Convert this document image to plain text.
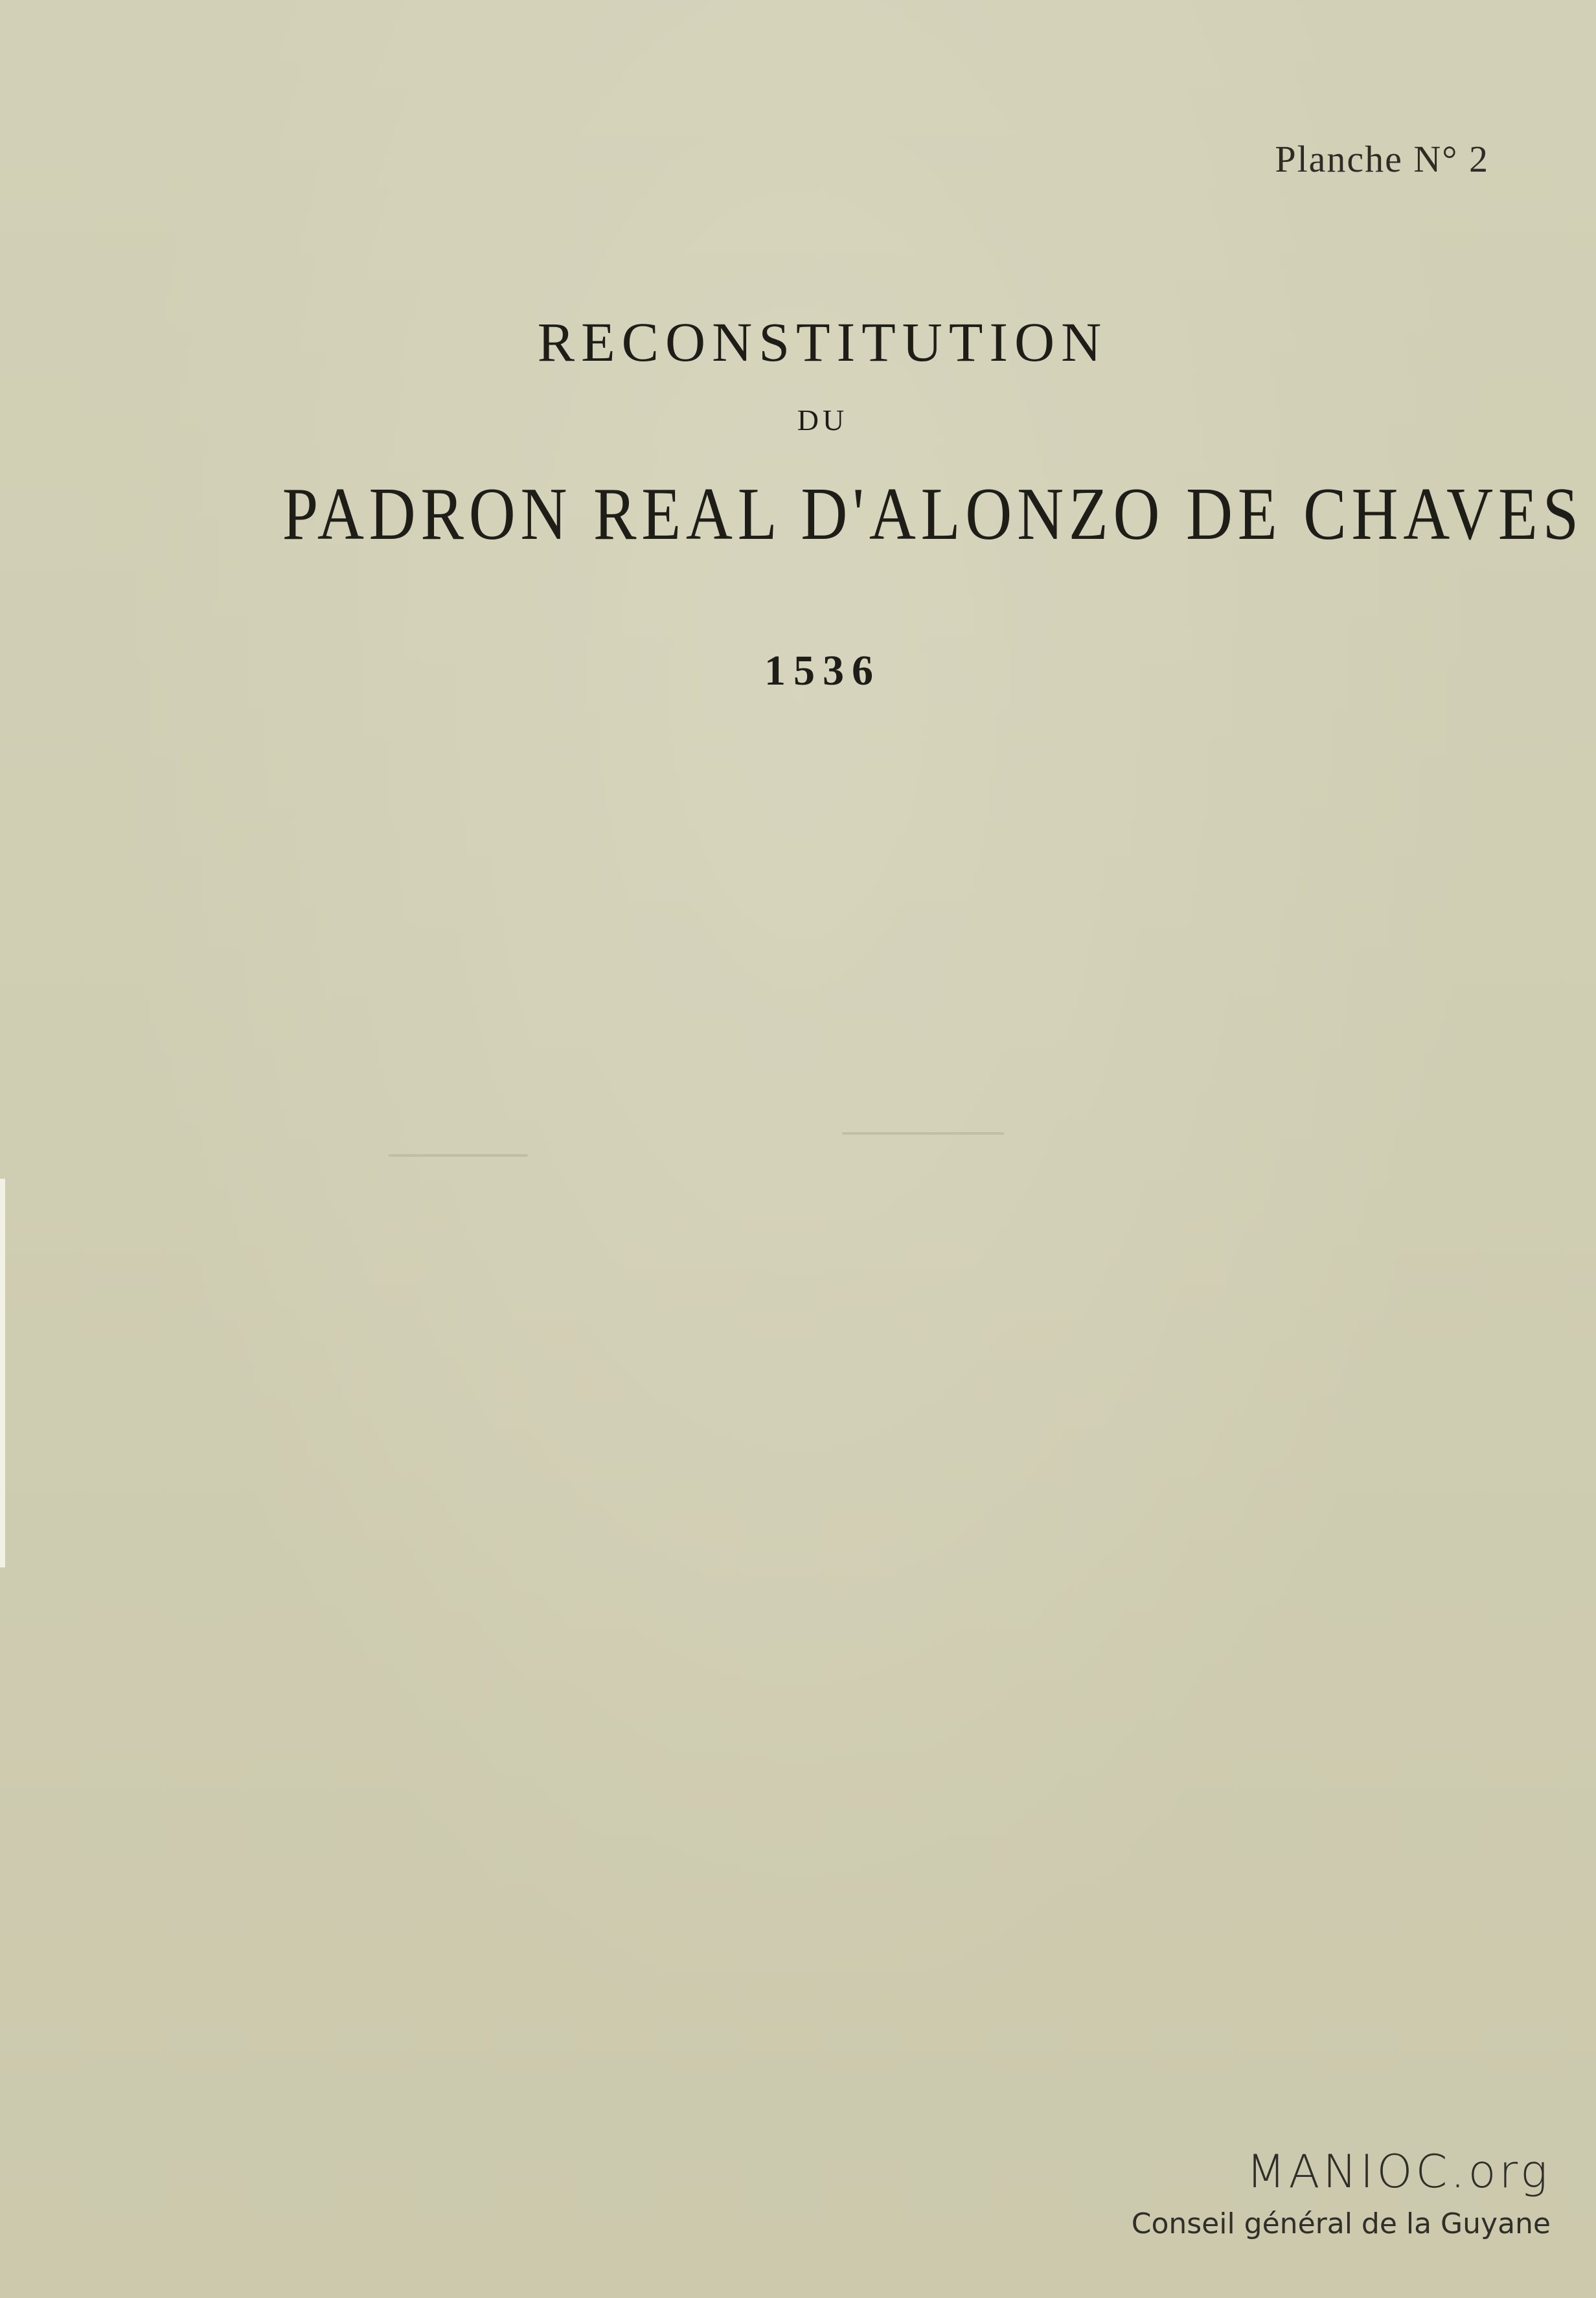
Planche N° 2
RECONSTITUTION
DU
PADRON REAL D'ALONZO DE CHAVES
1536
MANIOC.org
Conseil général de la Guyane
